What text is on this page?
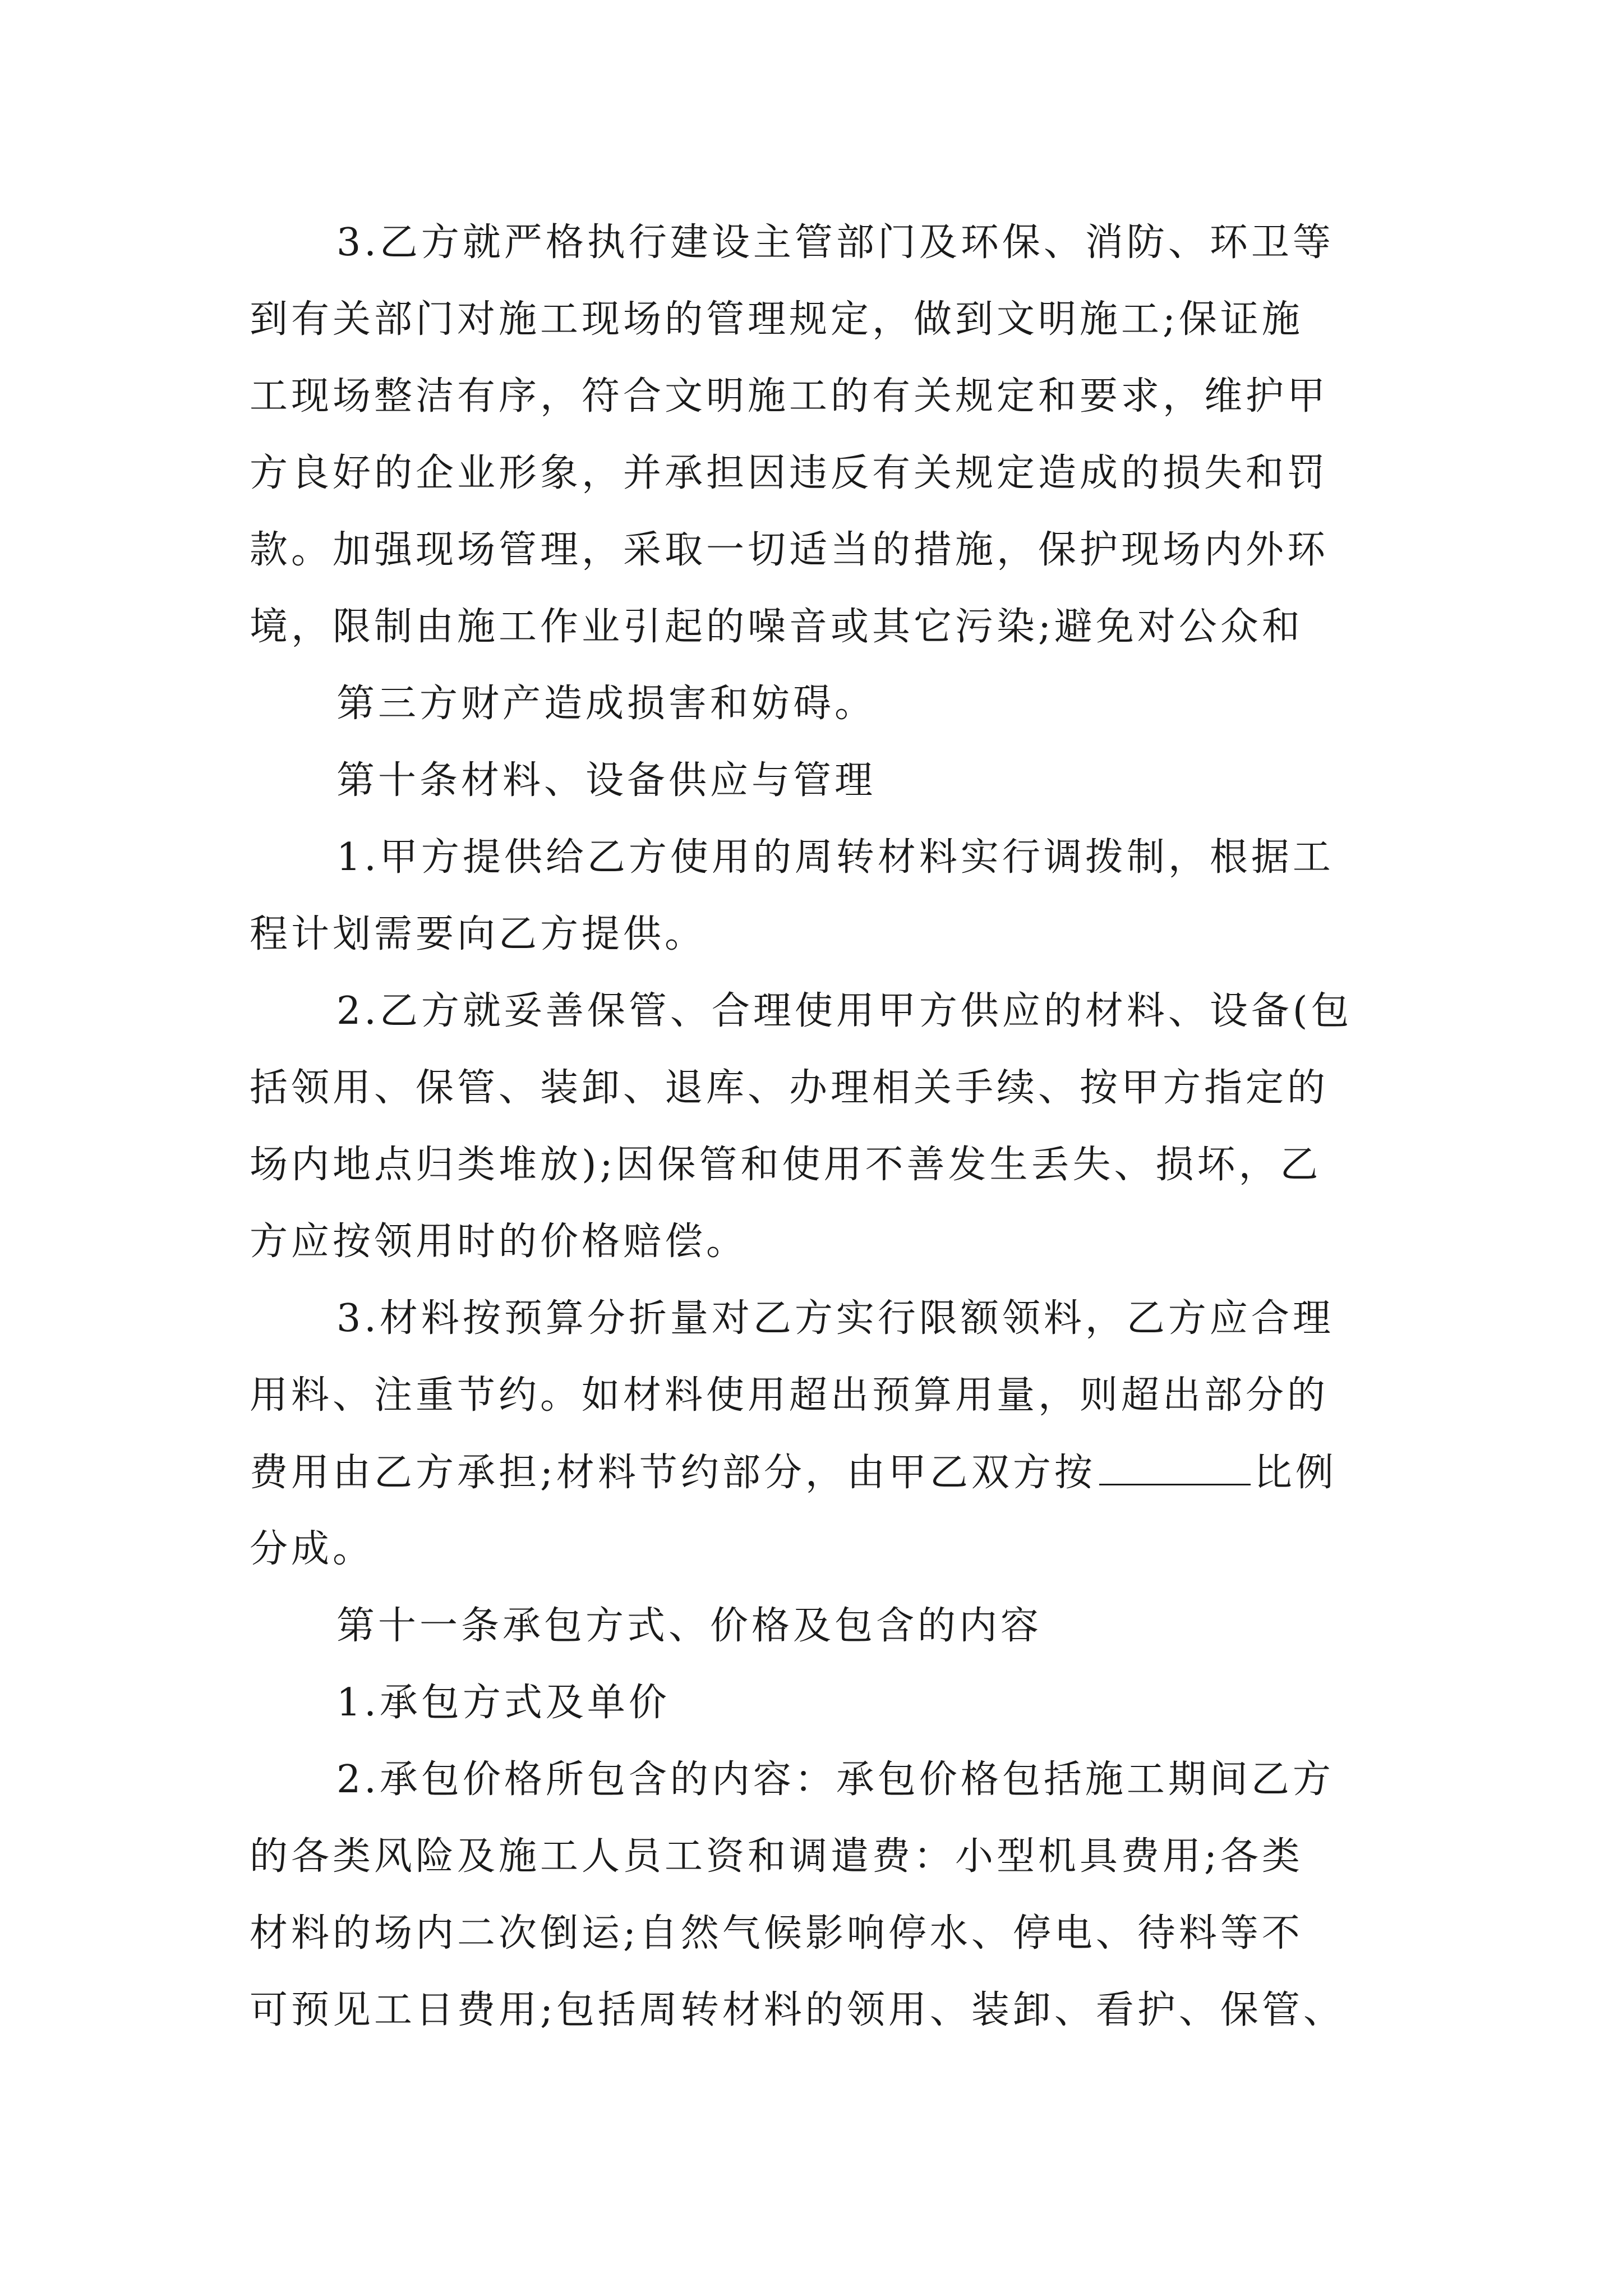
3.乙方就严格执行建设主管部门及环保、消防、环卫等
到有关部门对施工现场的管理规定，做到文明施工;保证施
工现场整洁有序，符合文明施工的有关规定和要求，维护甲
方良好的企业形象，并承担因违反有关规定造成的损失和罚
款。加强现场管理，采取一切适当的措施，保护现场内外环
境，限制由施工作业引起的噪音或其它污染;避免对公众和
第三方财产造成损害和妨碍。
第十条材料、设备供应与管理
1.甲方提供给乙方使用的周转材料实行调拨制，根据工
程计划需要向乙方提供。
2.乙方就妥善保管、合理使用甲方供应的材料、设备(包
括领用、保管、装卸、退库、办理相关手续、按甲方指定的
场内地点归类堆放);因保管和使用不善发生丢失、损坏，乙
方应按领用时的价格赔偿。
3.材料按预算分折量对乙方实行限额领料，乙方应合理
用料、注重节约。如材料使用超出预算用量，则超出部分的
费用由乙方承担;材料节约部分，由甲乙双方按	比例
分成。
第十一条承包方式、价格及包含的内容
1.承包方式及单价
2.承包价格所包含的内容：承包价格包括施工期间乙方
的各类风险及施工人员工资和调遣费：小型机具费用;各类
材料的场内二次倒运;自然气候影响停水、停电、待料等不
可预见工日费用;包括周转材料的领用、装卸、看护、保管、
